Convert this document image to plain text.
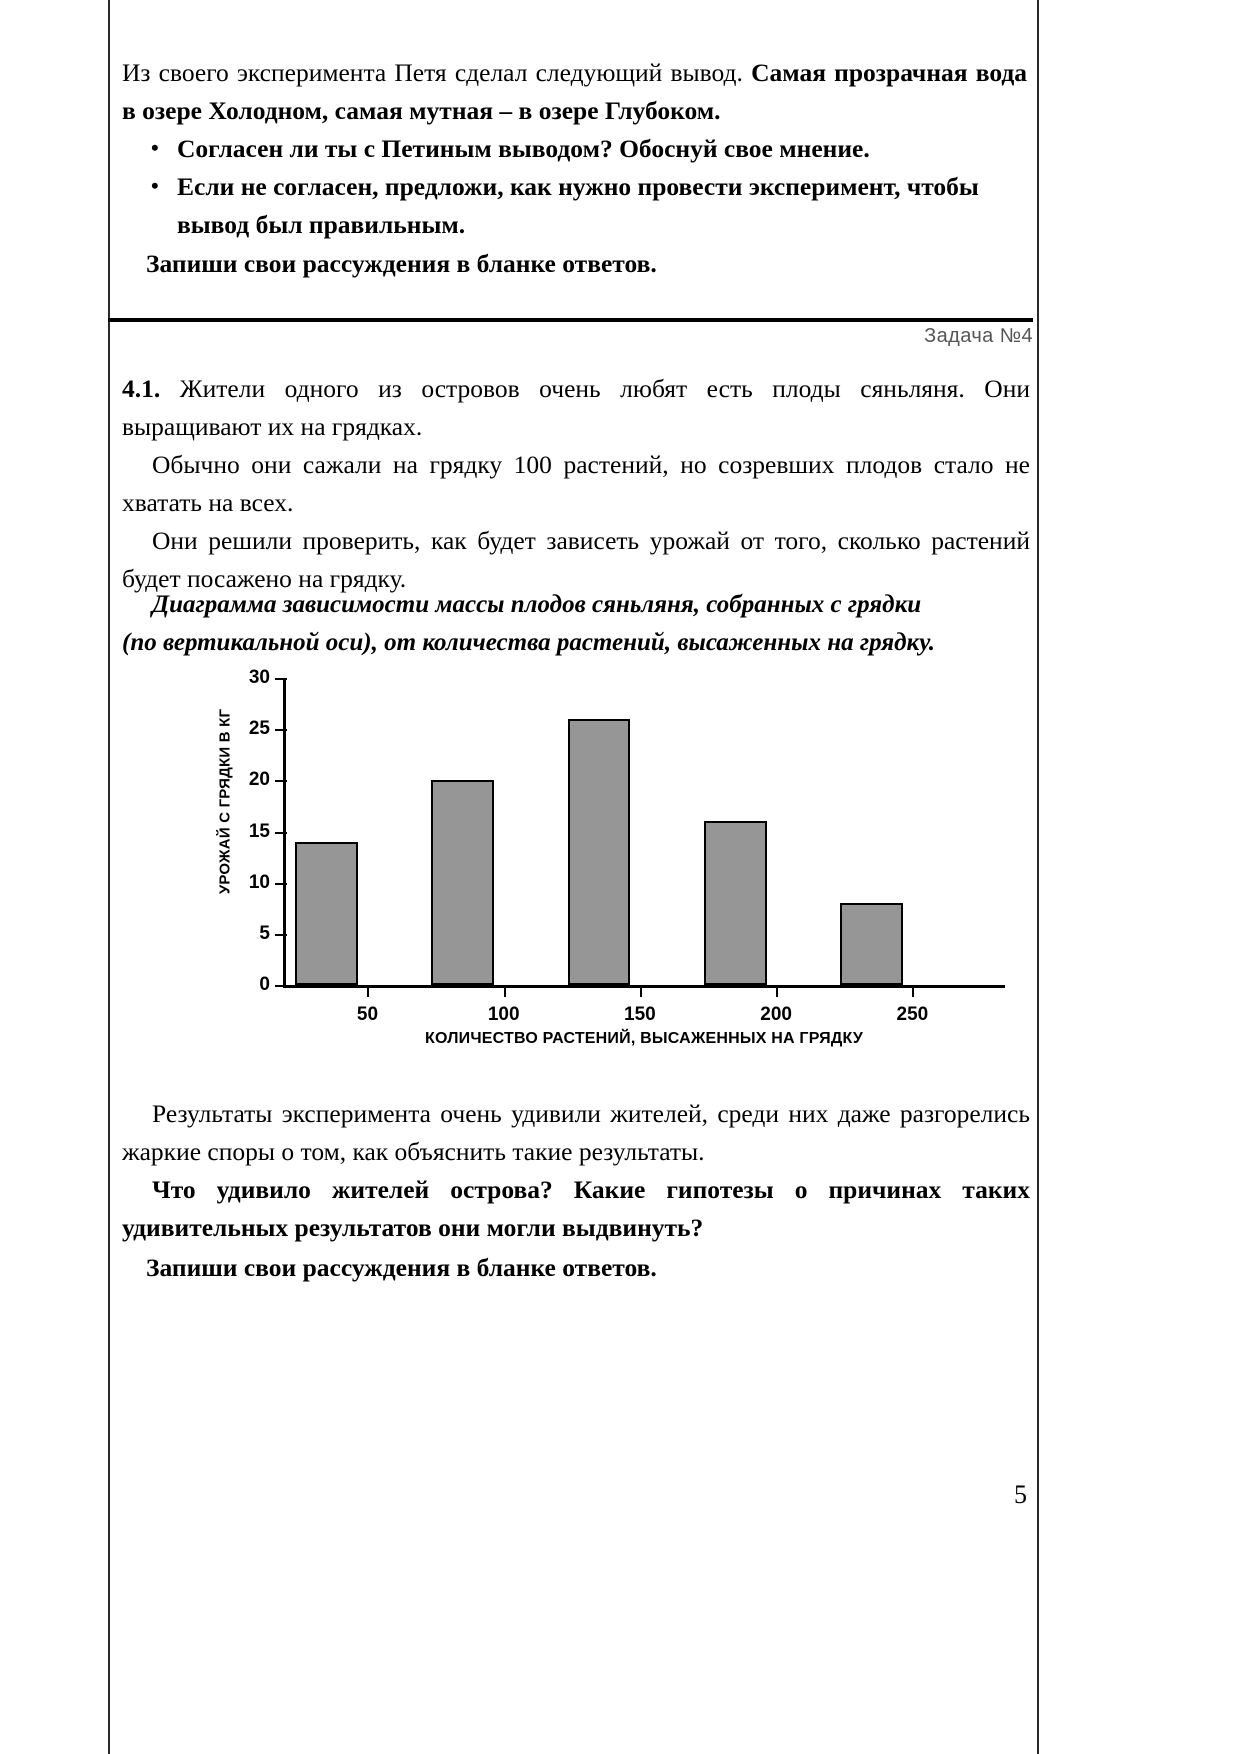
Из своего эксперимента Петя сделал следующий вывод. Самая прозрачная вода в озере Холодном, самая мутная – в озере Глубоком.
• Согласен ли ты с Петиным выводом? Обоснуй свое мнение.
• Если не согласен, предложи, как нужно провести эксперимент, чтобы вывод был правильным.
Запиши свои рассуждения в бланке ответов.
Задача №4

4.1. Жители одного из островов очень любят есть плоды сяньляня. Они выращивают их на грядках.

Обычно они сажали на грядку 100 растений, но созревших плодов стало не хватать на всех.

Они решили проверить, как будет зависеть урожай от того, сколько растений будет посажено на грядку.

Диаграмма зависимости массы плодов сяньляня, собранных с грядки
(по вертикальной оси), от количества растений, высаженных на грядку.
УРОЖАЙ С ГРЯДКИ В КГ
0
5
10
15
20
25
30
50	100	150	200	250
КОЛИЧЕСТВО РАСТЕНИЙ, ВЫСАЖЕННЫХ НА ГРЯДКУ

Результаты эксперимента очень удивили жителей, среди них даже разгорелись жаркие споры о том, как объяснить такие результаты.

Что удивило жителей острова? Какие гипотезы о причинах таких удивительных результатов они могли выдвинуть?

Запиши свои рассуждения в бланке ответов.
5
